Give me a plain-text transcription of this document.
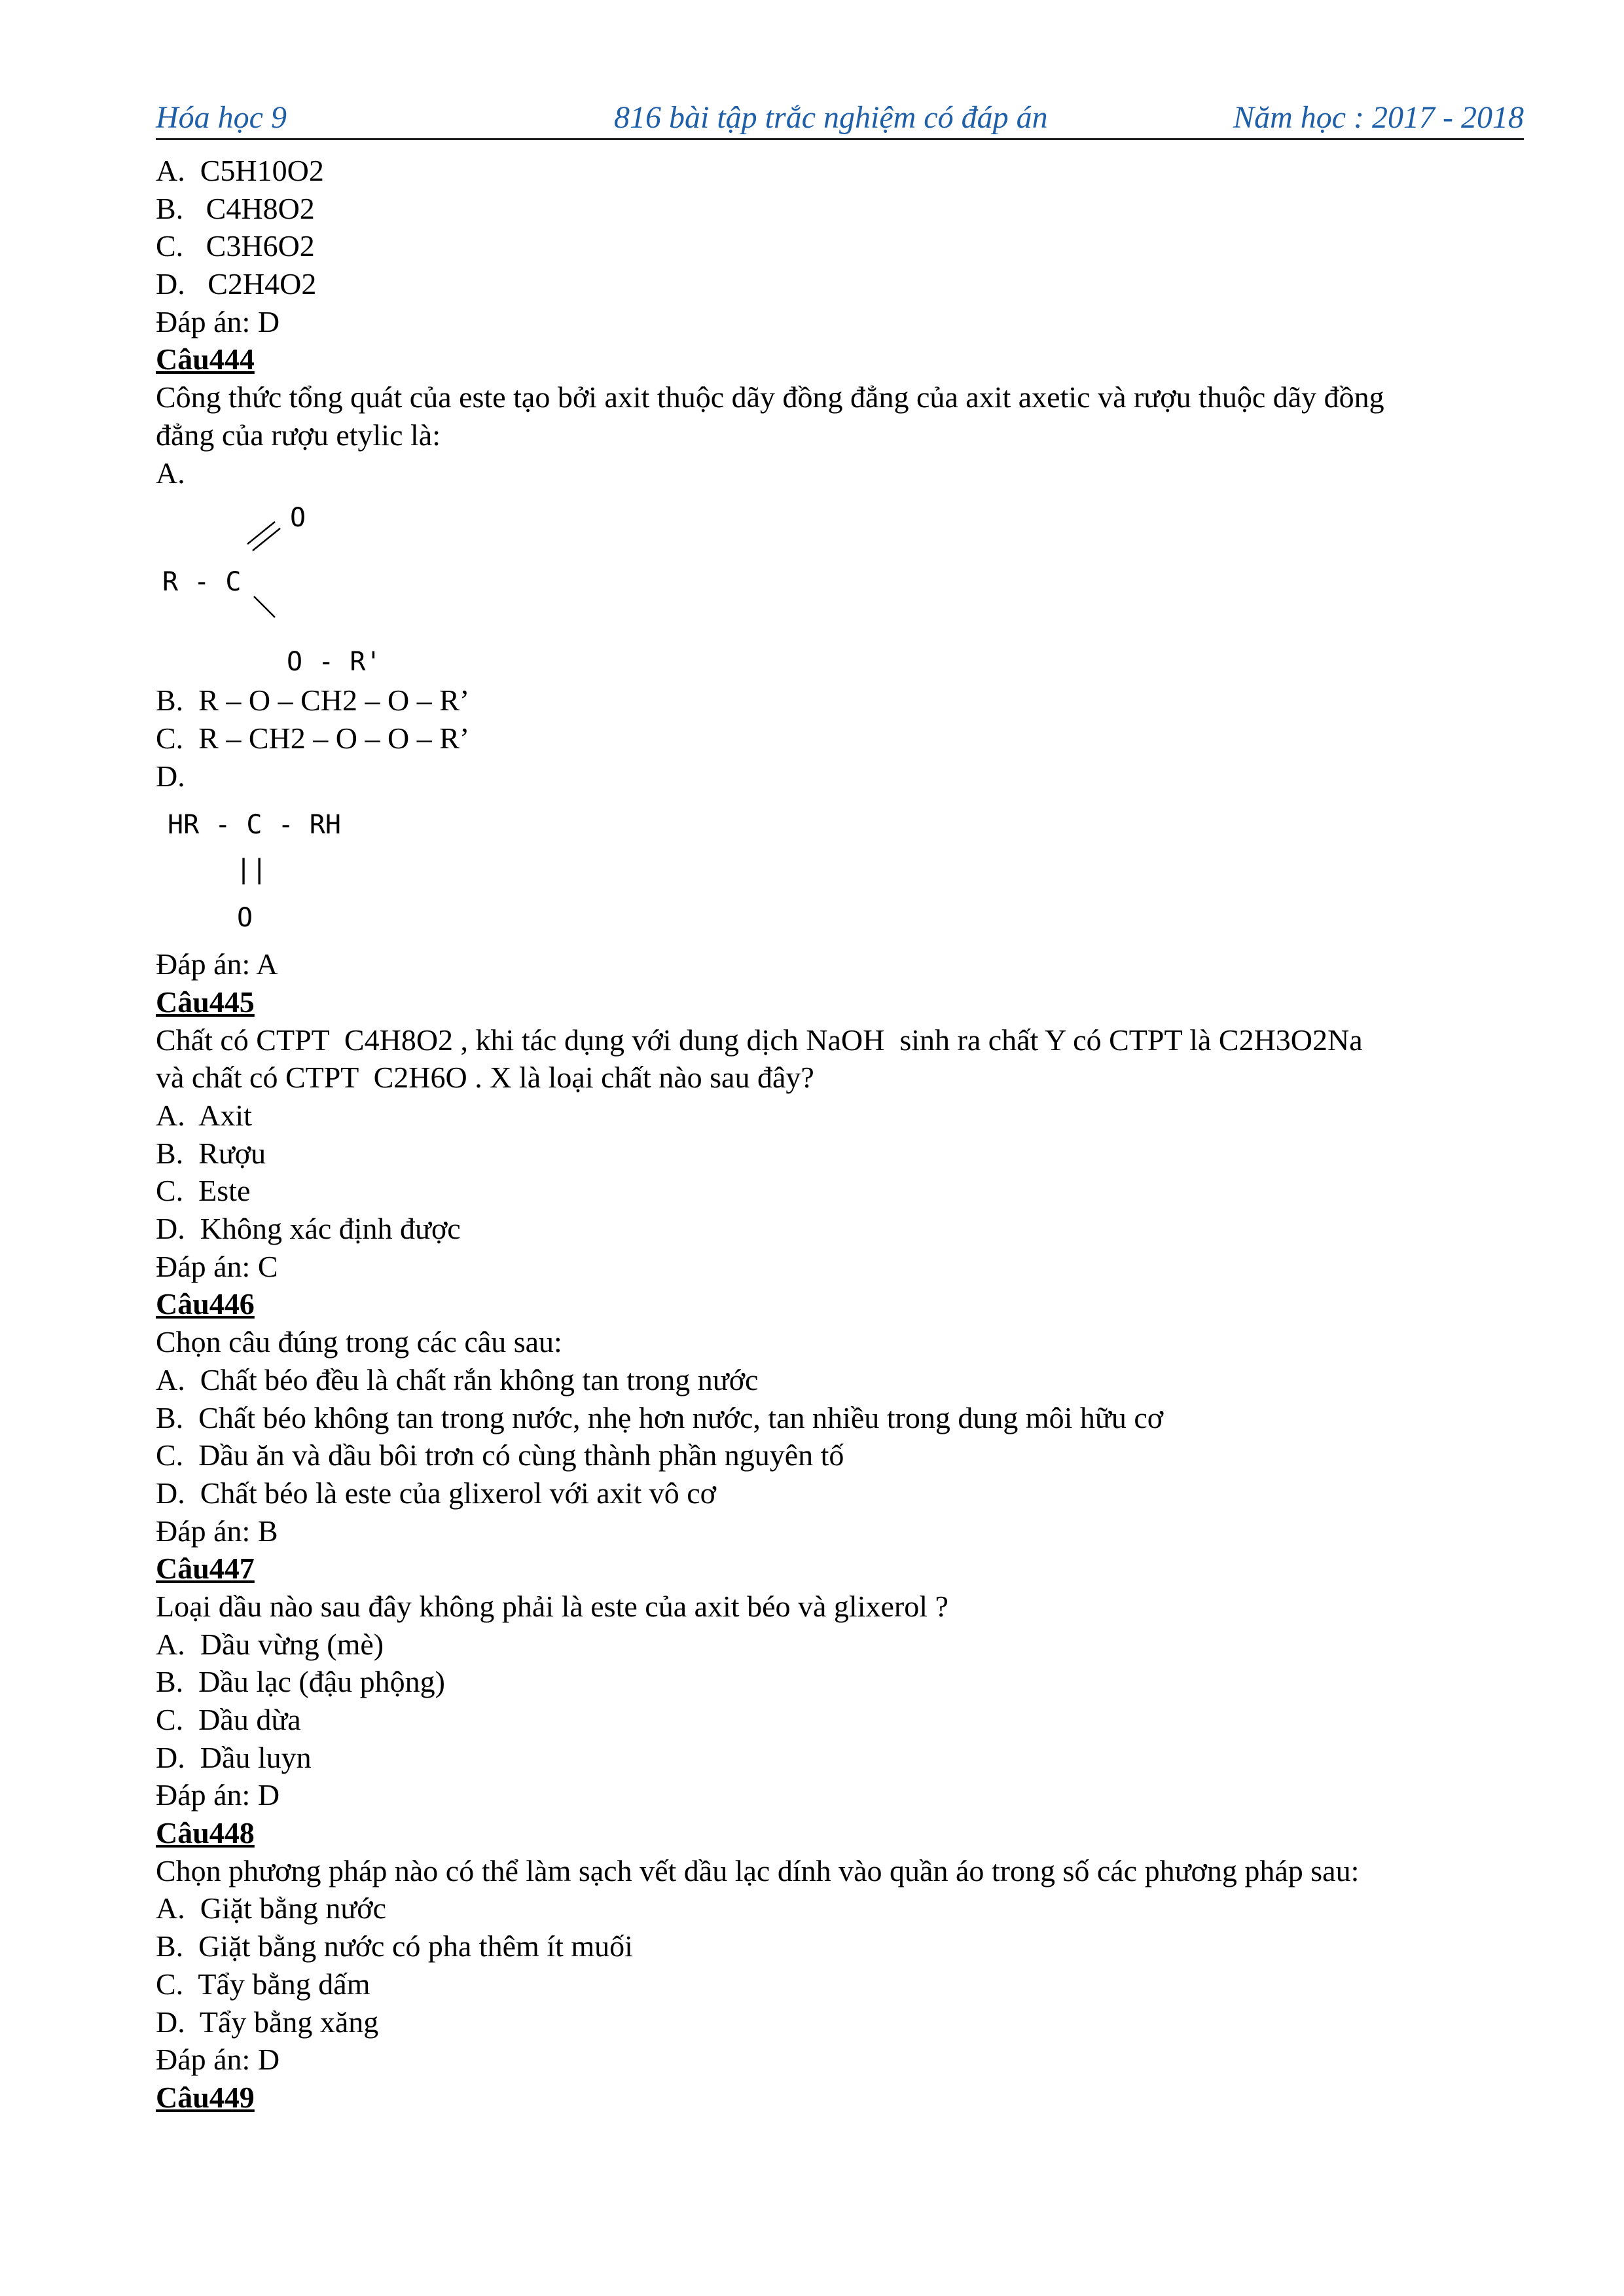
Hóa học 9	816 bài tập trắc nghiệm có đáp án	Năm học : 2017 - 2018
A.  C5H10O2
B.   C4H8O2
C.   C3H6O2
D.   C2H4O2
Đáp án: D
Câu444
Công thức tổng quát của este tạo bởi axit thuộc dãy đồng đẳng của axit axetic và rượu thuộc dãy đồng
đẳng của rượu etylic là:
A.
O
R - C
O - R'
B.  R – O – CH2 – O – R’
C.  R – CH2 – O – O – R’
D.
HR - C - RH
||
O
Đáp án: A
Câu445
Chất có CTPT  C4H8O2 , khi tác dụng với dung dịch NaOH  sinh ra chất Y có CTPT là C2H3O2Na
và chất có CTPT  C2H6O . X là loại chất nào sau đây?
A.  Axit
B.  Rượu
C.  Este
D.  Không xác định được
Đáp án: C
Câu446
Chọn câu đúng trong các câu sau:
A.  Chất béo đều là chất rắn không tan trong nước
B.  Chất béo không tan trong nước, nhẹ hơn nước, tan nhiều trong dung môi hữu cơ
C.  Dầu ăn và dầu bôi trơn có cùng thành phần nguyên tố
D.  Chất béo là este của glixerol với axit vô cơ
Đáp án: B
Câu447
Loại dầu nào sau đây không phải là este của axit béo và glixerol ?
A.  Dầu vừng (mè)
B.  Dầu lạc (đậu phộng)
C.  Dầu dừa
D.  Dầu luyn
Đáp án: D
Câu448
Chọn phương pháp nào có thể làm sạch vết dầu lạc dính vào quần áo trong số các phương pháp sau:
A.  Giặt bằng nước
B.  Giặt bằng nước có pha thêm ít muối
C.  Tẩy bằng dấm
D.  Tẩy bằng xăng
Đáp án: D
Câu449
